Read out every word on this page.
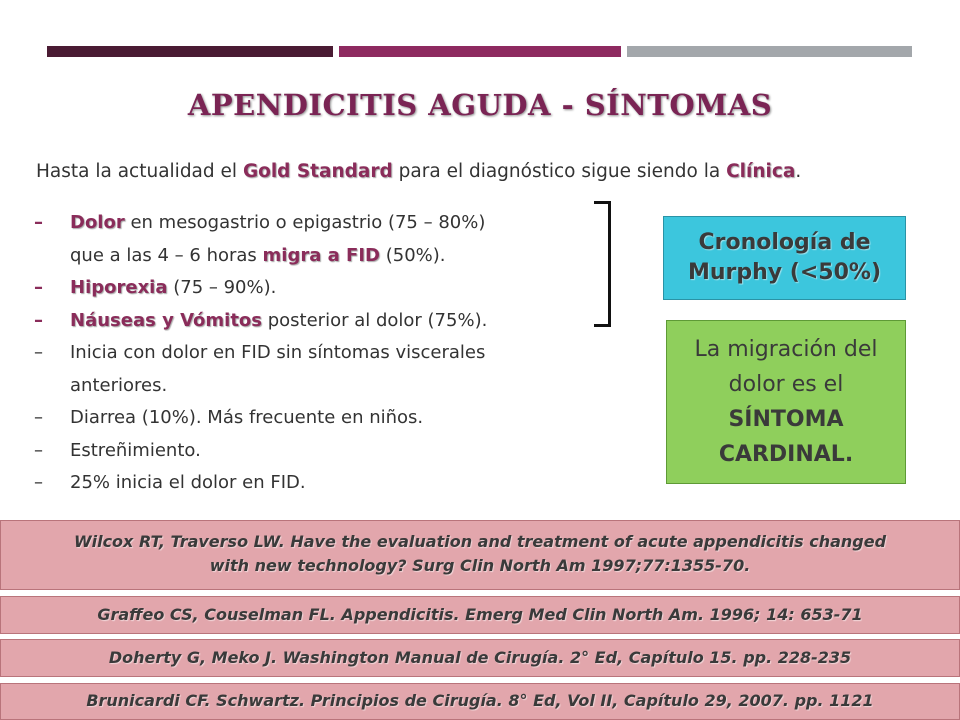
APENDICITIS AGUDA - SÍNTOMAS

Hasta la actualidad el Gold Standard para el diagnóstico sigue siendo la Clínica.

– Dolor en mesogastrio o epigastrio (75 – 80%)
que a las 4 – 6 horas migra a FID (50%).
– Hiporexia (75 – 90%).
– Náuseas y Vómitos posterior al dolor (75%).
– Inicia con dolor en FID sin síntomas viscerales
anteriores.
– Diarrea (10%). Más frecuente en niños.
– Estreñimiento.
– 25% inicia el dolor en FID.
Cronología de
Murphy (<50%)
La migración del
dolor es el
SÍNTOMA
CARDINAL.
Wilcox RT, Traverso LW. Have the evaluation and treatment of acute appendicitis changed
with new technology? Surg Clin North Am 1997;77:1355-70.
Graffeo CS, Couselman FL. Appendicitis. Emerg Med Clin North Am. 1996; 14: 653-71
Doherty G, Meko J. Washington Manual de Cirugía. 2° Ed, Capítulo 15. pp. 228-235
Brunicardi CF. Schwartz. Principios de Cirugía. 8° Ed, Vol II, Capítulo 29, 2007. pp. 1121
